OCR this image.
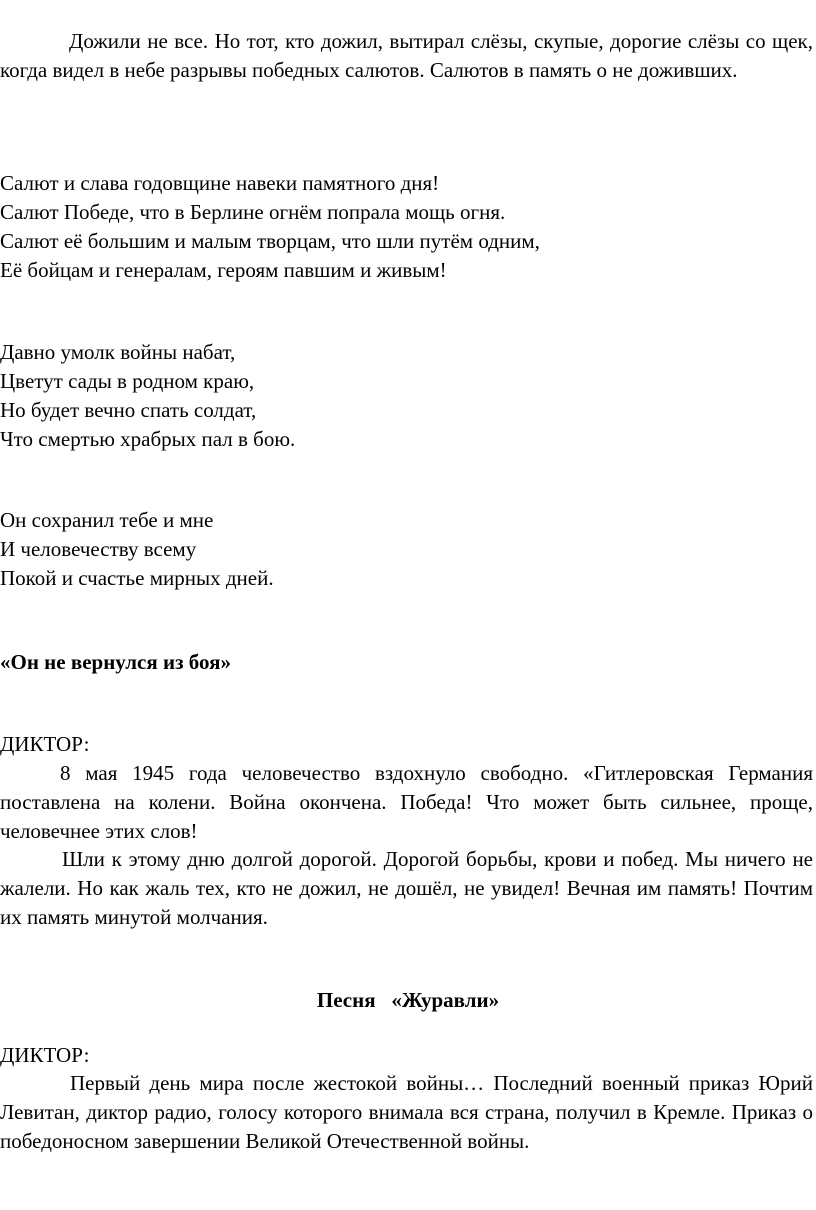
Дожили не все. Но тот, кто дожил, вытирал слёзы, скупые, дорогие слёзы со щек, когда видел в небе разрывы победных салютов. Салютов в память о не доживших.
Салют и слава годовщине навеки памятного дня!
Салют Победе, что в Берлине огнём попрала мощь огня.
Салют её большим и малым творцам, что шли путём одним,
Её бойцам и генералам, героям павшим и живым!
Давно умолк войны набат,
Цветут сады в родном краю,
Но будет вечно спать солдат,
Что смертью храбрых пал в бою.
Он сохранил тебе и мне
И человечеству всему
Покой и счастье мирных дней.
«Он не вернулся из боя»
ДИКТОР:
8 мая 1945 года человечество вздохнуло свободно. «Гитлеровская Германия поставлена на колени. Война окончена. Победа! Что может быть сильнее, проще, человечнее этих слов!
Шли к этому дню долгой дорогой. Дорогой борьбы, крови и побед. Мы ничего не жалели. Но как жаль тех, кто не дожил, не дошёл, не увидел! Вечная им память! Почтим их память минутой молчания.
Песня   «Журавли»
ДИКТОР:
Первый день мира после жестокой войны… Последний военный приказ Юрий Левитан, диктор радио, голосу которого внимала вся страна, получил в Кремле. Приказ о победоносном завершении Великой Отечественной войны.
